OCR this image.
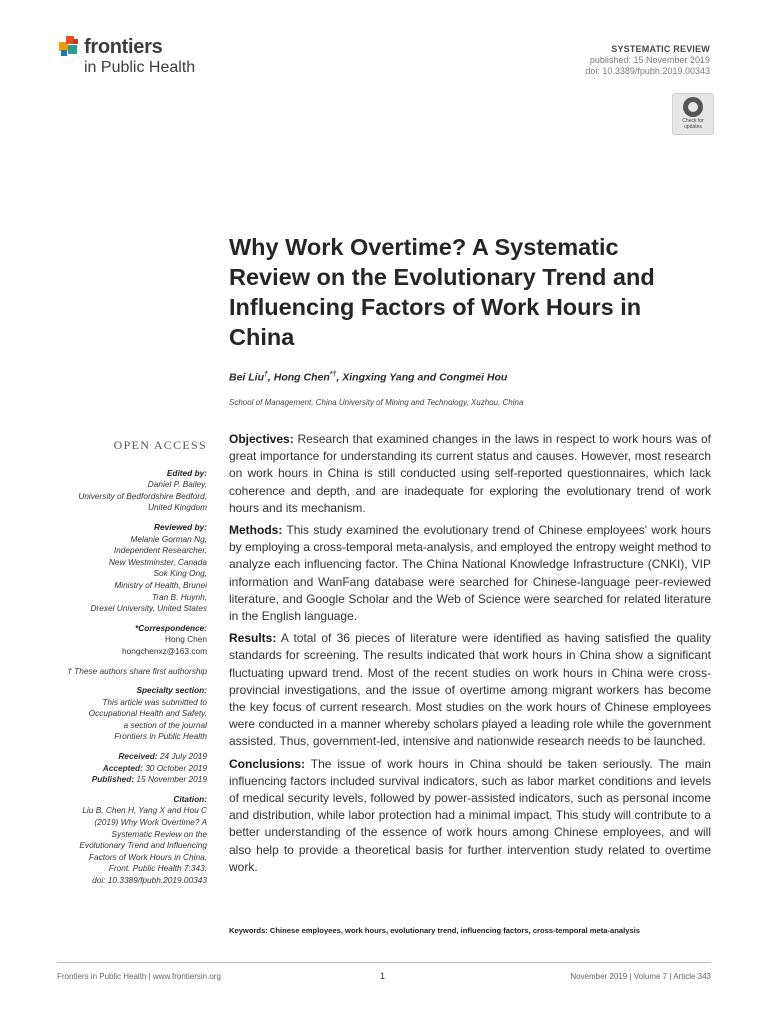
frontiers
in Public Health
SYSTEMATIC REVIEW
published: 15 November 2019
doi: 10.3389/fpubh.2019.00343
Check for
updates
Why Work Overtime? A Systematic Review on the Evolutionary Trend and Influencing Factors of Work Hours in China
Bei Liu†, Hong Chen*†, Xingxing Yang and Congmei Hou
School of Management, China University of Mining and Technology, Xuzhou, China
OPEN ACCESS
Edited by:
Daniel P. Bailey,
University of Bedfordshire Bedford,
United Kingdom
Reviewed by:
Melanie Gorman Ng,
Independent Researcher,
New Westminster, Canada
Sok King Ong,
Ministry of Health, Brunei
Tran B. Huynh,
Drexel University, United States
*Correspondence:
Hong Chen
hongchenxz@163.com
† These authors share first authorship
Specialty section:
This article was submitted to
Occupational Health and Safety,
a section of the journal
Frontiers in Public Health
Received: 24 July 2019
Accepted: 30 October 2019
Published: 15 November 2019
Citation:
Liu B, Chen H, Yang X and Hou C
(2019) Why Work Overtime? A
Systematic Review on the
Evolutionary Trend and Influencing
Factors of Work Hours in China.
Front. Public Health 7:343.
doi: 10.3389/fpubh.2019.00343

Objectives: Research that examined changes in the laws in respect to work hours was of great importance for understanding its current status and causes. However, most research on work hours in China is still conducted using self-reported questionnaires, which lack coherence and depth, and are inadequate for exploring the evolutionary trend of work hours and its mechanism.

Methods: This study examined the evolutionary trend of Chinese employees' work hours by employing a cross-temporal meta-analysis, and employed the entropy weight method to analyze each influencing factor. The China National Knowledge Infrastructure (CNKI), VIP information and WanFang database were searched for Chinese-language peer-reviewed literature, and Google Scholar and the Web of Science were searched for related literature in the English language.

Results: A total of 36 pieces of literature were identified as having satisfied the quality standards for screening. The results indicated that work hours in China show a significant fluctuating upward trend. Most of the recent studies on work hours in China were cross-provincial investigations, and the issue of overtime among migrant workers has become the key focus of current research. Most studies on the work hours of Chinese employees were conducted in a manner whereby scholars played a leading role while the government assisted. Thus, government-led, intensive and nationwide research needs to be launched.

Conclusions: The issue of work hours in China should be taken seriously. The main influencing factors included survival indicators, such as labor market conditions and levels of medical security levels, followed by power-assisted indicators, such as personal income and distribution, while labor protection had a minimal impact. This study will contribute to a better understanding of the essence of work hours among Chinese employees, and will also help to provide a theoretical basis for further intervention study related to overtime work.

Keywords: Chinese employees, work hours, evolutionary trend, influencing factors, cross-temporal meta-analysis
Frontiers in Public Health | www.frontiersin.org	1	November 2019 | Volume 7 | Article 343
